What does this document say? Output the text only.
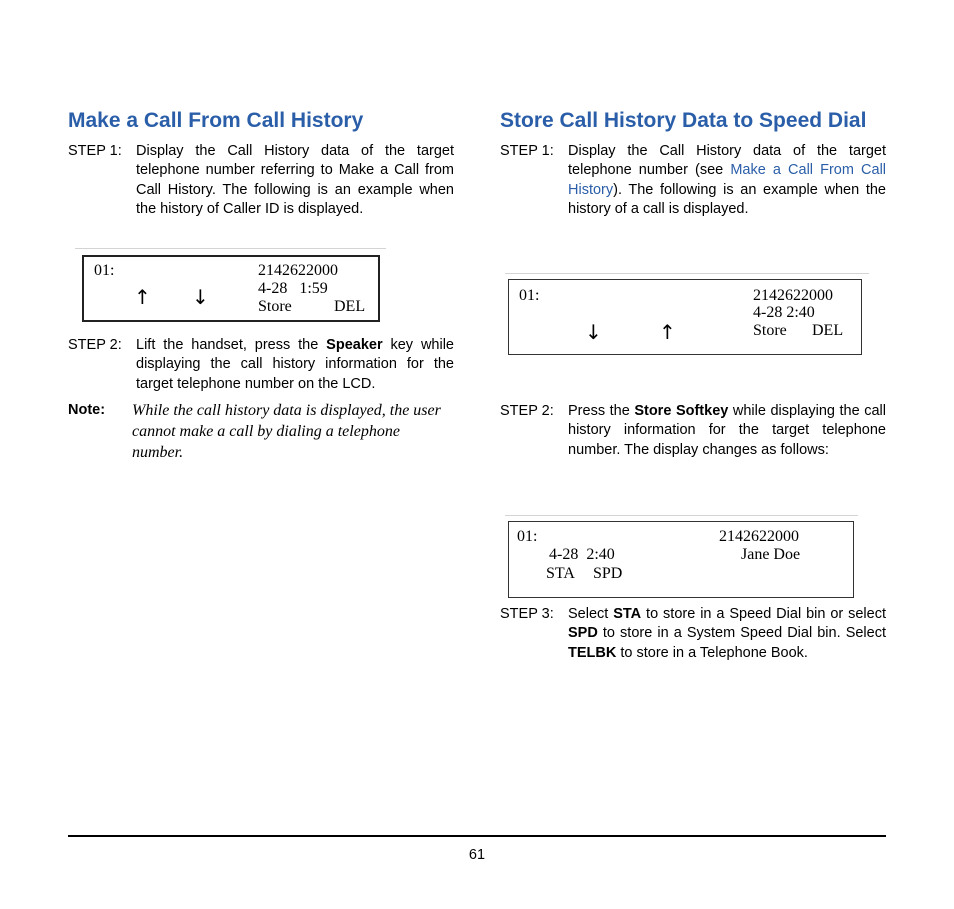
Make a Call From Call History
STEP 1: Display the Call History data of the target telephone number referring to Make a Call from Call History. The following is an example when the history of Caller ID is displayed.
01:	2142622000
4-28   1:59
Store	DEL
↑ ↓
STEP 2: Lift the handset, press the Speaker key while displaying the call history information for the target telephone number on the LCD.
Note:	While the call history data is displayed, the user cannot make a call by dialing a telephone number.
Store Call History Data to Speed Dial
STEP 1: Display the Call History data of the target telephone number (see Make a Call From Call History). The following is an example when the history of a call is displayed.
01:	2142622000
4-28 2:40
Store DEL
↓	↑
STEP 2: Press the Store Softkey while displaying the call history information for the target telephone number. The display changes as follows:
01:	2142622000
4-28  2:40	Jane Doe
STA SPD
STEP 3: Select STA to store in a Speed Dial bin or select SPD to store in a System Speed Dial bin. Select TELBK to store in a Telephone Book.
61
